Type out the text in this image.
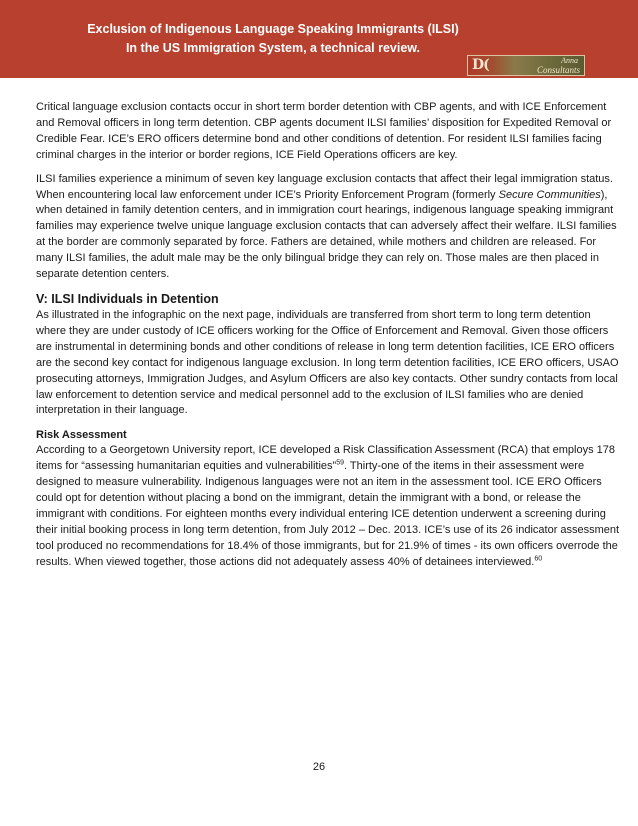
Exclusion of Indigenous Language Speaking Immigrants (ILSI)
In the US Immigration System, a technical review.
D(	Anna
Consultants

Critical language exclusion contacts occur in short term border detention with CBP agents, and with ICE Enforcement and Removal officers in long term detention. CBP agents document ILSI families’ disposition for Expedited Removal or Credible Fear. ICE’s ERO officers determine bond and other conditions of detention. For resident ILSI families facing criminal charges in the interior or border regions, ICE Field Operations officers are key.

ILSI families experience a minimum of seven key language exclusion contacts that affect their legal immigration status. When encountering local law enforcement under ICE’s Priority Enforcement Program (formerly Secure Communities), when detained in family detention centers, and in immigration court hearings, indigenous language speaking immigrant families may experience twelve unique language exclusion contacts that can adversely affect their welfare. ILSI families at the border are commonly separated by force. Fathers are detained, while mothers and children are released. For many ILSI families, the adult male may be the only bilingual bridge they can rely on. Those males are then placed in separate detention centers.

V: ILSI Individuals in Detention

As illustrated in the infographic on the next page, individuals are transferred from short term to long term detention where they are under custody of ICE officers working for the Office of Enforcement and Removal. Given those officers are instrumental in determining bonds and other conditions of release in long term detention facilities, ICE ERO officers are the second key contact for indigenous language exclusion. In long term detention facilities, ICE ERO officers, USAO prosecuting attorneys, Immigration Judges, and Asylum Officers are also key contacts. Other sundry contacts from local law enforcement to detention service and medical personnel add to the exclusion of ILSI families who are denied interpretation in their language.

Risk Assessment

According to a Georgetown University report, ICE developed a Risk Classification Assessment (RCA) that employs 178 items for “assessing humanitarian equities and vulnerabilities”$^{59}$. Thirty-one of the items in their assessment were designed to measure vulnerability. Indigenous languages were not an item in the assessment tool. ICE ERO Officers could opt for detention without placing a bond on the immigrant, detain the immigrant with a bond, or release the immigrant with conditions. For eighteen months every individual entering ICE detention underwent a screening during their initial booking process in long term detention, from July 2012 – Dec. 2013. ICE’s use of its 26 indicator assessment tool produced no recommendations for 18.4% of those immigrants, but for 21.9% of times - its own officers overrode the results. When viewed together, those actions did not adequately assess 40% of detainees interviewed.$^{60}$

26
